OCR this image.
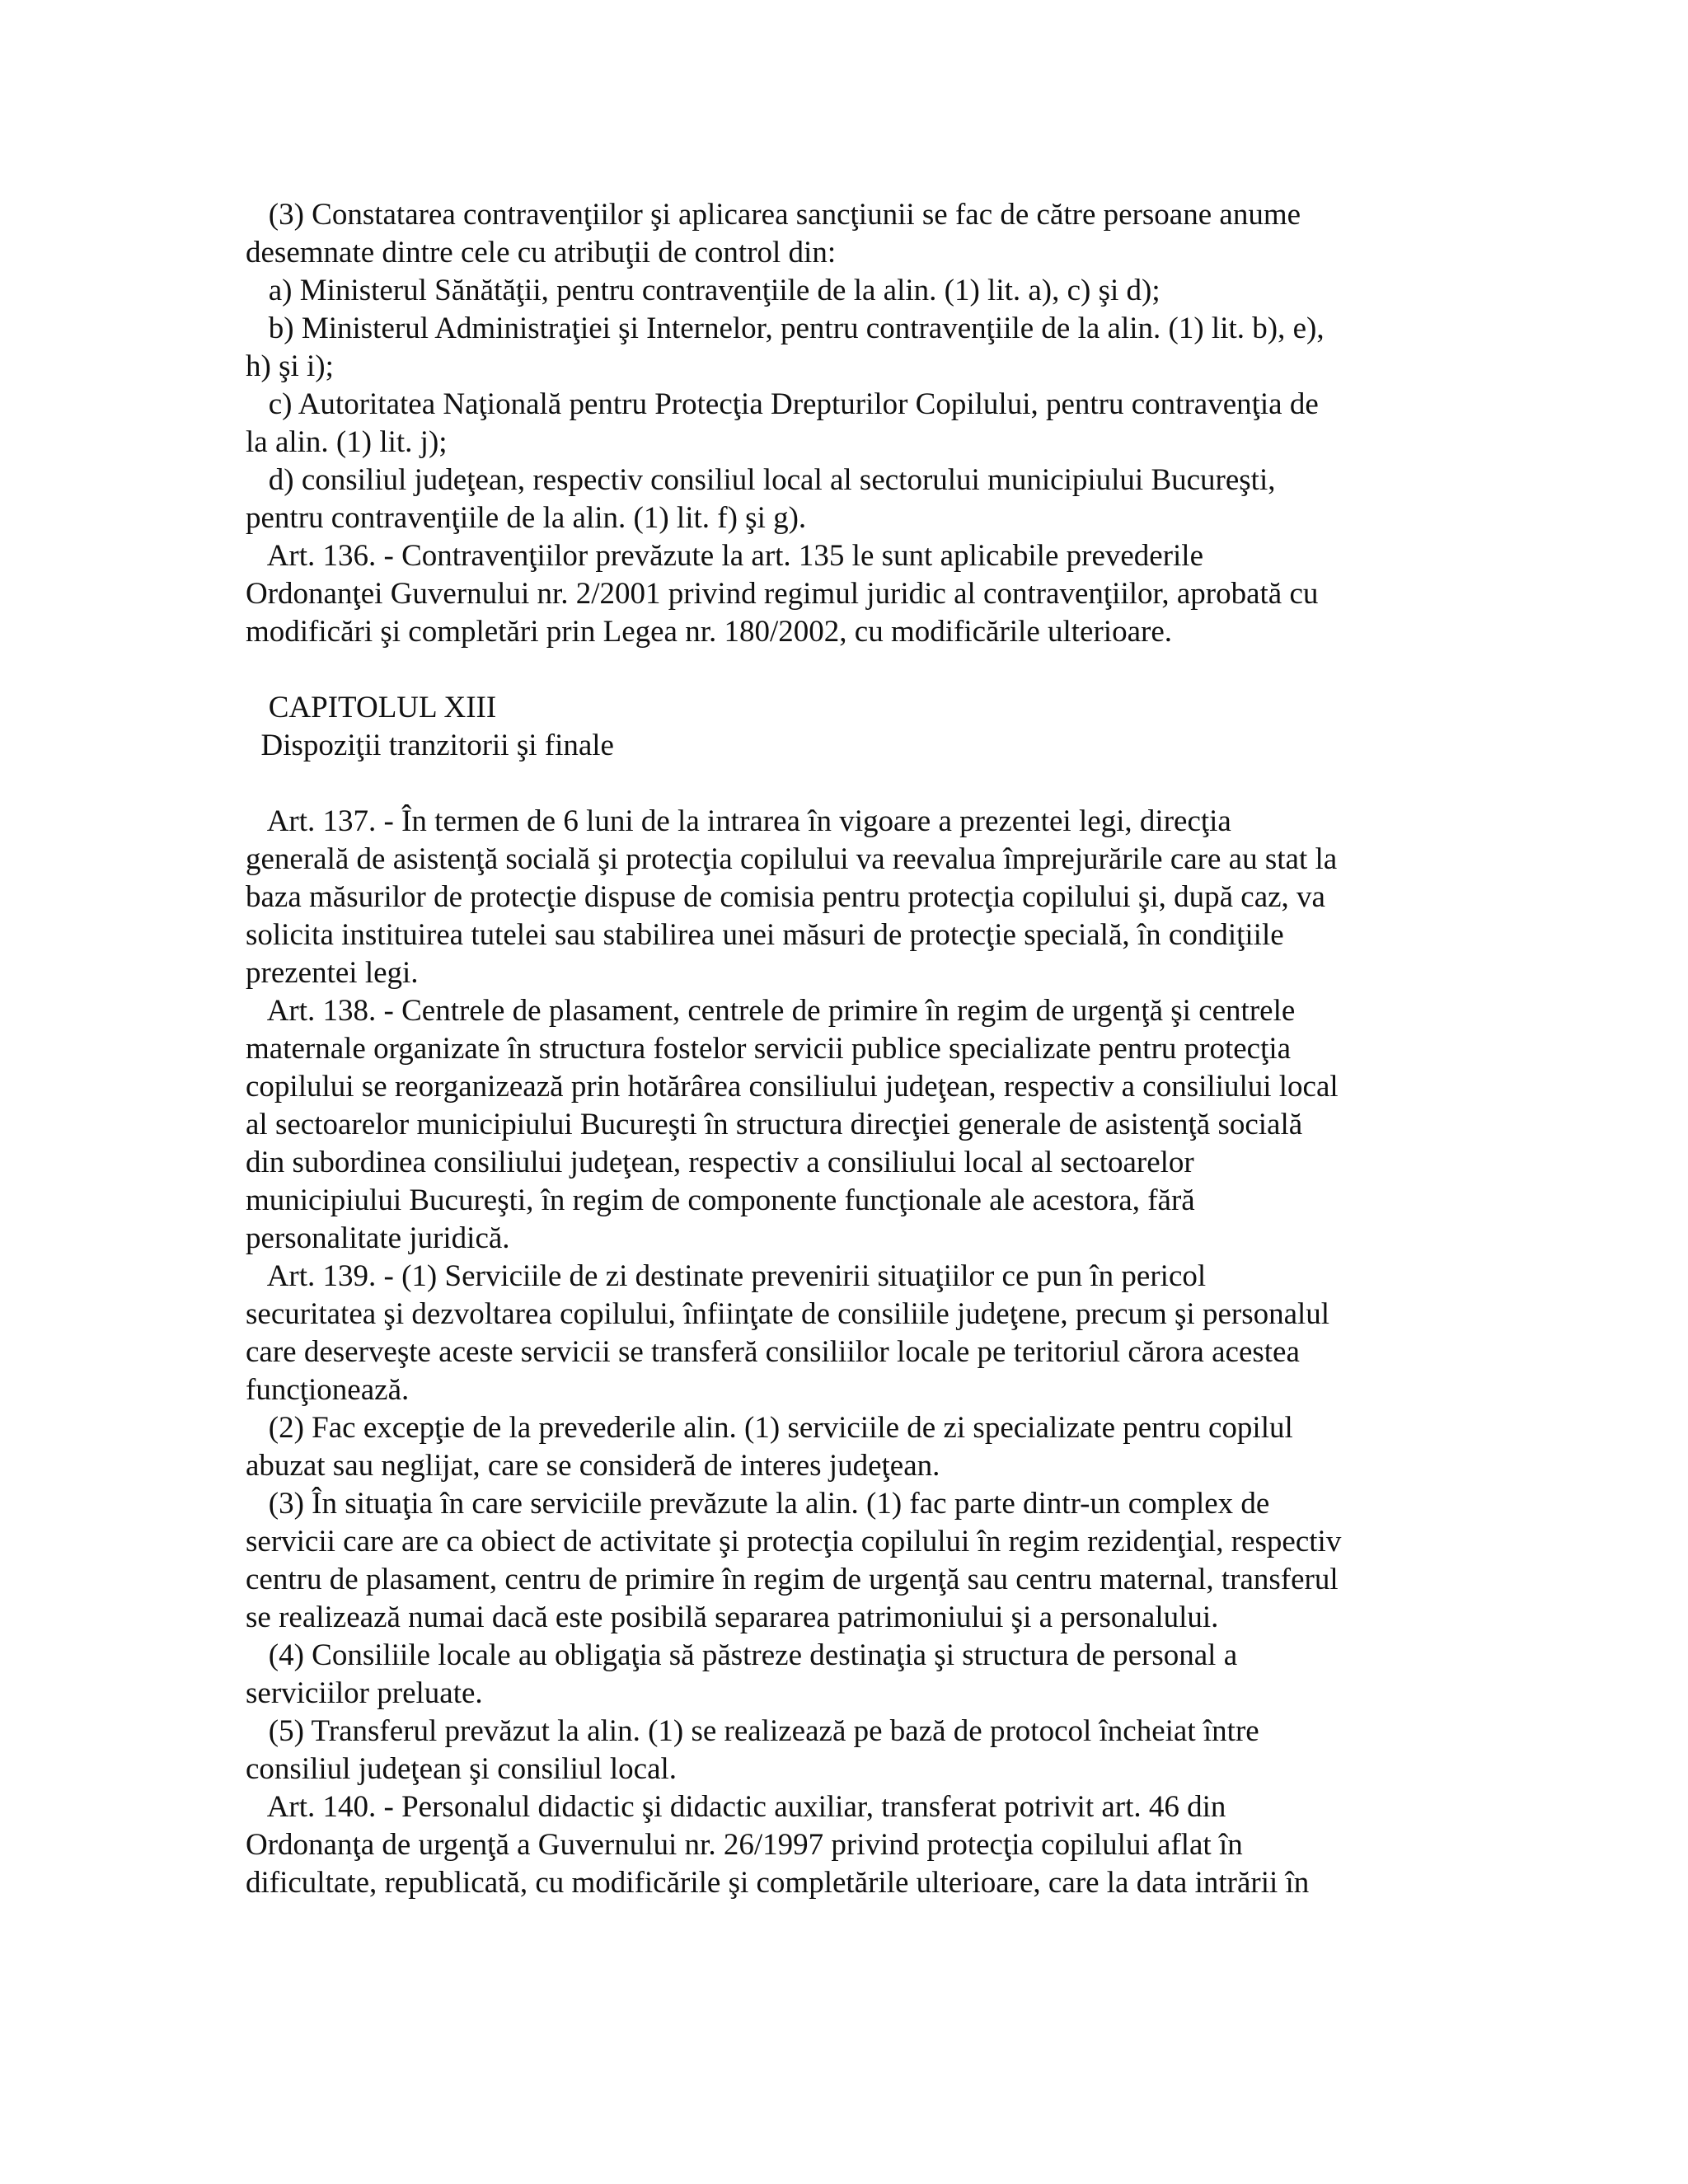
(3) Constatarea contravenţiilor şi aplicarea sancţiunii se fac de către persoane anume
desemnate dintre cele cu atribuţii de control din:
a) Ministerul Sănătăţii, pentru contravenţiile de la alin. (1) lit. a), c) şi d);
b) Ministerul Administraţiei şi Internelor, pentru contravenţiile de la alin. (1) lit. b), e),
h) şi i);
c) Autoritatea Naţională pentru Protecţia Drepturilor Copilului, pentru contravenţia de
la alin. (1) lit. j);
d) consiliul judeţean, respectiv consiliul local al sectorului municipiului Bucureşti,
pentru contravenţiile de la alin. (1) lit. f) şi g).
Art. 136. - Contravenţiilor prevăzute la art. 135 le sunt aplicabile prevederile
Ordonanţei Guvernului nr. 2/2001 privind regimul juridic al contravenţiilor, aprobată cu
modificări şi completări prin Legea nr. 180/2002, cu modificările ulterioare.
CAPITOLUL XIII
Dispoziţii tranzitorii şi finale
Art. 137. - În termen de 6 luni de la intrarea în vigoare a prezentei legi, direcţia
generală de asistenţă socială şi protecţia copilului va reevalua împrejurările care au stat la
baza măsurilor de protecţie dispuse de comisia pentru protecţia copilului şi, după caz, va
solicita instituirea tutelei sau stabilirea unei măsuri de protecţie specială, în condiţiile
prezentei legi.
Art. 138. - Centrele de plasament, centrele de primire în regim de urgenţă şi centrele
maternale organizate în structura fostelor servicii publice specializate pentru protecţia
copilului se reorganizează prin hotărârea consiliului judeţean, respectiv a consiliului local
al sectoarelor municipiului Bucureşti în structura direcţiei generale de asistenţă socială
din subordinea consiliului judeţean, respectiv a consiliului local al sectoarelor
municipiului Bucureşti, în regim de componente funcţionale ale acestora, fără
personalitate juridică.
Art. 139. - (1) Serviciile de zi destinate prevenirii situaţiilor ce pun în pericol
securitatea şi dezvoltarea copilului, înfiinţate de consiliile judeţene, precum şi personalul
care deserveşte aceste servicii se transferă consiliilor locale pe teritoriul cărora acestea
funcţionează.
(2) Fac excepţie de la prevederile alin. (1) serviciile de zi specializate pentru copilul
abuzat sau neglijat, care se consideră de interes judeţean.
(3) În situaţia în care serviciile prevăzute la alin. (1) fac parte dintr-un complex de
servicii care are ca obiect de activitate şi protecţia copilului în regim rezidenţial, respectiv
centru de plasament, centru de primire în regim de urgenţă sau centru maternal, transferul
se realizează numai dacă este posibilă separarea patrimoniului şi a personalului.
(4) Consiliile locale au obligaţia să păstreze destinaţia şi structura de personal a
serviciilor preluate.
(5) Transferul prevăzut la alin. (1) se realizează pe bază de protocol încheiat între
consiliul judeţean şi consiliul local.
Art. 140. - Personalul didactic şi didactic auxiliar, transferat potrivit art. 46 din
Ordonanţa de urgenţă a Guvernului nr. 26/1997 privind protecţia copilului aflat în
dificultate, republicată, cu modificările şi completările ulterioare, care la data intrării în
